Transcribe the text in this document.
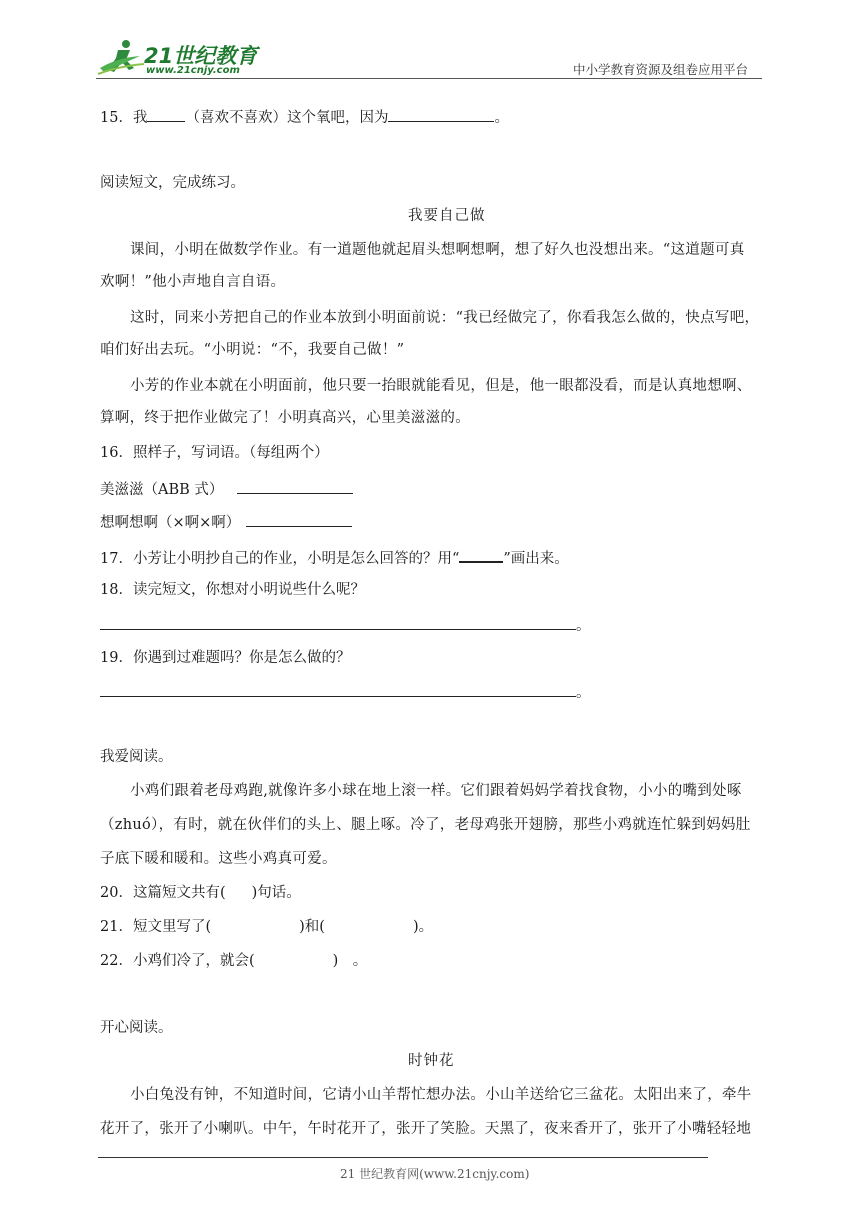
21世纪教育
www.21cnjy.com	中小学教育资源及组卷应用平台
15．我	（喜欢不喜欢）这个氧吧，因为	。
阅读短文，完成练习。
我要自己做
课间，小明在做数学作业。有一道题他就起眉头想啊想啊，想了好久也没想出来。“这道题可真
欢啊！”他小声地自言自语。
这时，同来小芳把自己的作业本放到小明面前说：“我已经做完了，你看我怎么做的，快点写吧，
咱们好出去玩。“小明说：“不，我要自己做！”
小芳的作业本就在小明面前，他只要一抬眼就能看见，但是，他一眼都没看，而是认真地想啊、
算啊，终于把作业做完了！小明真高兴，心里美滋滋的。
16．照样子，写词语。（每组两个）
美滋滋（ABB 式）
想啊想啊（×啊×啊）
17．小芳让小明抄自己的作业，小明是怎么回答的？用“	”画出来。
18．读完短文，你想对小明说些什么呢？
。
19．你遇到过难题吗？你是怎么做的？
。
我爱阅读。
小鸡们跟着老母鸡跑,就像许多小球在地上滚一样。它们跟着妈妈学着找食物，小小的嘴到处啄
（zhuó），有时，就在伙伴们的头上、腿上啄。冷了，老母鸡张开翅膀，那些小鸡就连忙躲到妈妈肚
子底下暖和暖和。这些小鸡真可爱。
20．这篇短文共有( )句话。
21．短文里写了(	)和(	)。
22．小鸡们冷了，就会(	)　。
开心阅读。
时钟花
小白兔没有钟，不知道时间，它请小山羊帮忙想办法。小山羊送给它三盆花。太阳出来了，牵牛
花开了，张开了小喇叭。中午，午时花开了，张开了笑脸。天黑了，夜来香开了，张开了小嘴轻轻地
21 世纪教育网(www.21cnjy.com)
